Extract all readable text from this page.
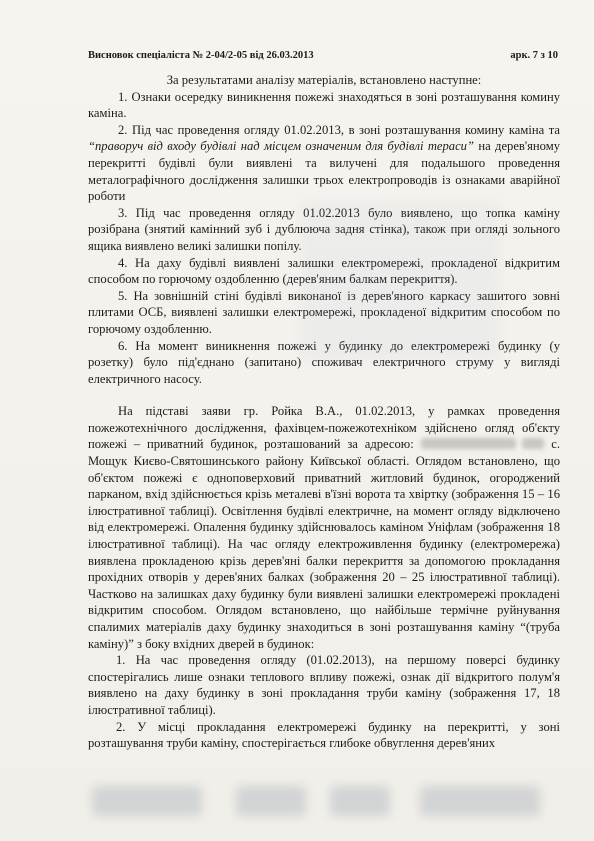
Висновок спеціаліста № 2-04/2-05 від 26.03.2013	арк. 7 з 10

За результатами аналізу матеріалів, встановлено наступне:

1. Ознаки осередку виникнення пожежі знаходяться в зоні розташування комину каміна.

2. Під час проведення огляду 01.02.2013, в зоні розташування комину каміна та “праворуч від входу будівлі над місцем означеним для будівлі тераси” на дерев'яному перекритті будівлі були виявлені та вилучені для подальшого проведення металографічного дослідження залишки трьох електропроводів із ознаками аварійної роботи

3. Під час проведення огляду 01.02.2013 було виявлено, що топка каміну розібрана (знятий камінний зуб і дублююча задня стінка), також при огляді зольного ящика виявлено великі залишки попілу.

4. На даху будівлі виявлені залишки електромережі, прокладеної відкритим способом по горючому оздобленню (дерев'яним балкам перекриття).

5. На зовнішній стіні будівлі виконаної із дерев'яного каркасу зашитого зовні плитами ОСБ, виявлені залишки електромережі, прокладеної відкритим способом по горючому оздобленню.

6. На момент виникнення пожежі у будинку до електромережі будинку (у розетку) було під'єднано (запитано) споживач електричного струму у вигляді електричного насосу.

На підставі заяви гр. Ройка В.А., 01.02.2013, у рамках проведення пожежотехнічного дослідження, фахівцем-пожежотехніком здійснено огляд об'єкту пожежі – приватний будинок, розташований за адресою:	с. Мощук Києво-Святошинського району Київської області. Оглядом встановлено, що об'єктом пожежі є одноповерховий приватний житловий будинок, огороджений парканом, вхід здійснюється крізь металеві в'їзні ворота та хвіртку (зображення 15 – 16 ілюстративної таблиці). Освітлення будівлі електричне, на момент огляду відключено від електромережі. Опалення будинку здійснювалось каміном Уніфлам (зображення 18 ілюстративної таблиці). На час огляду електроживлення будинку (електромережа) виявлена прокладеною крізь дерев'яні балки перекриття за допомогою прокладання прохідних отворів у дерев'яних балках (зображення 20 – 25 ілюстративної таблиці). Частково на залишках даху будинку були виявлені залишки електромережі прокладені відкритим способом. Оглядом встановлено, що найбільше термічне руйнування спалимих матеріалів даху будинку знаходиться в зоні розташування каміну “(труба каміну)” з боку вхідних дверей в будинок:

1. На час проведення огляду (01.02.2013), на першому поверсі будинку спостерігались лише ознаки теплового впливу пожежі, ознак дії відкритого полум'я виявлено на даху будинку в зоні прокладання труби каміну (зображення 17, 18 ілюстративної таблиці).

2. У місці прокладання електромережі будинку на перекритті, у зоні розташування труби каміну, спостерігається глибоке обвуглення дерев'яних
